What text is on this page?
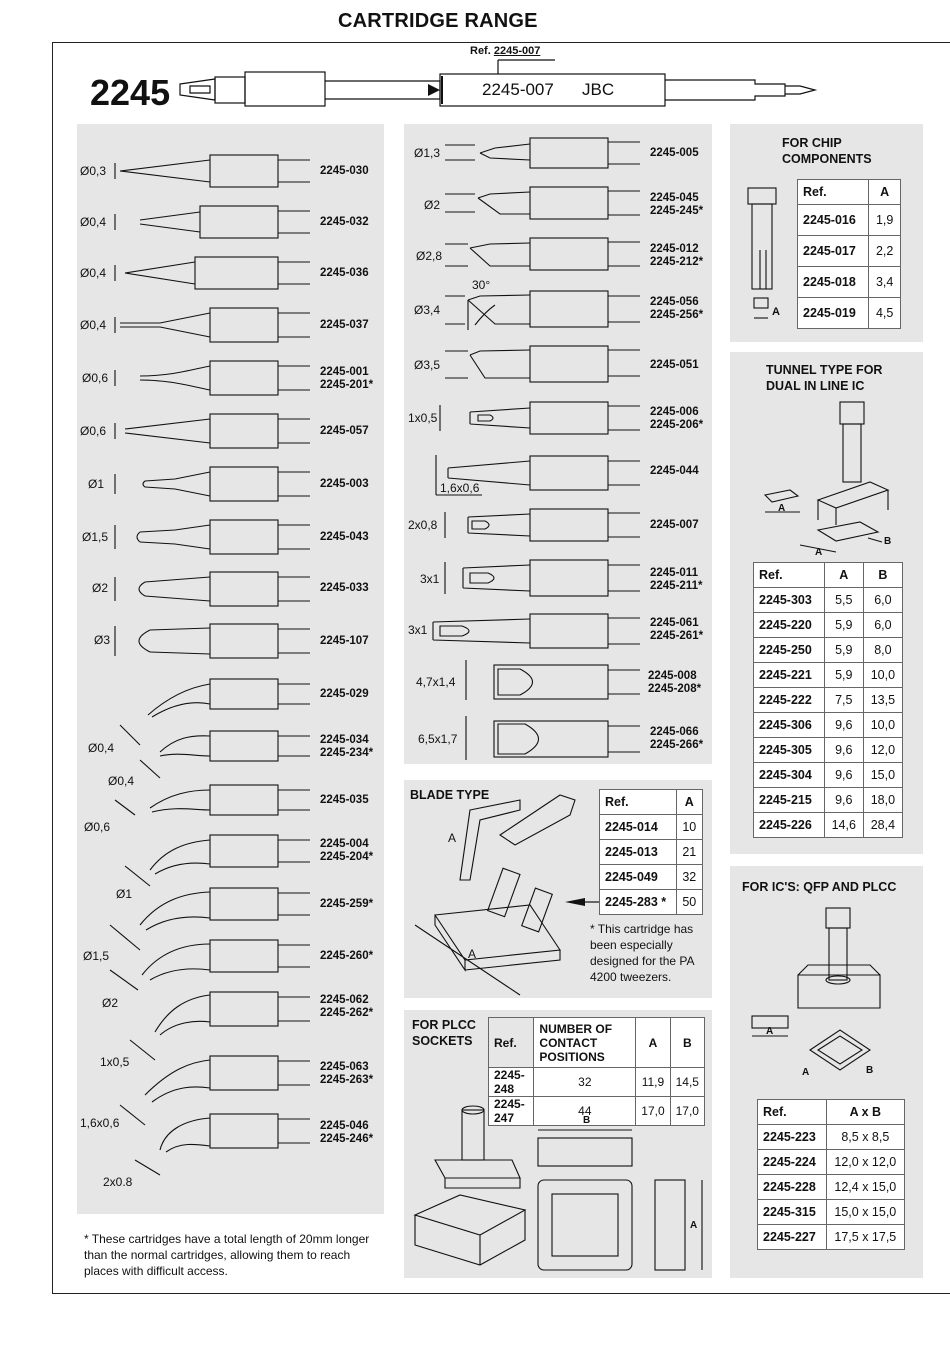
CARTRIDGE RANGE
2245
Ref. 2245-007
2245-007 JBC
Ø0,3	2245-030
Ø0,4	2245-032
Ø0,4	2245-036
Ø0,4	2245-037
Ø0,6	2245-001
2245-201*
Ø0,6	2245-057
Ø1	2245-003
Ø1,5	2245-043
Ø2	2245-033
Ø3	2245-107
2245-029
Ø0,4
2245-034
2245-234*
Ø0,4
2245-035
Ø0,6
2245-004
2245-204*
Ø1
2245-259*
Ø1,5	2245-260*
Ø2	2245-062
2245-262*
1x0,5	2245-063
2245-263*
1,6x0,6	2245-046
2245-246*
2x0.8
* These cartridges have a total length of 20mm longer than the normal cartridges, allowing them to reach places with difficult access.
Ø1,3	2245-005
Ø2	2245-045
2245-245*
Ø2,8	2245-012
2245-212*
30°
Ø3,4
2245-056
2245-256*
Ø3,5	2245-051
1x0,5	2245-006
2245-206*
1,6x0,6
2245-044
2x0,8	2245-007
3x1	2245-011
2245-211*
3x1	2245-061
2245-261*
4,7x1,4	2245-008
2245-208*
6,5x1,7	2245-066
2245-266*
BLADE TYPE
A
A
Ref.	A
2245-014	10
2245-013	21
2245-049	32
2245-283 *	50
* This cartridge has been especially designed for the PA 4200 tweezers.
FOR PLCC SOCKETS	Ref.	NUMBER OF CONTACT POSITIONS	A	B
2245-248	32	11,9	14,5
2245-247	44	17,0	17,0
B
A
FOR CHIP COMPONENTS
A
Ref.	A
2245-016	1,9
2245-017	2,2
2245-018	3,4
2245-019	4,5
TUNNEL TYPE FOR DUAL IN LINE IC
A
A
B
Ref.	A	B
2245-303	5,5	6,0
2245-220	5,9	6,0
2245-250	5,9	8,0
2245-221	5,9	10,0
2245-222	7,5	13,5
2245-306	9,6	10,0
2245-305	9,6	12,0
2245-304	9,6	15,0
2245-215	9,6	18,0
2245-226	14,6	28,4
FOR IC'S: QFP AND PLCC
A
A	B
Ref.	A x B
2245-223	8,5 x 8,5
2245-224	12,0 x 12,0
2245-228	12,4 x 15,0
2245-315	15,0 x 15,0
2245-227	17,5 x 17,5
